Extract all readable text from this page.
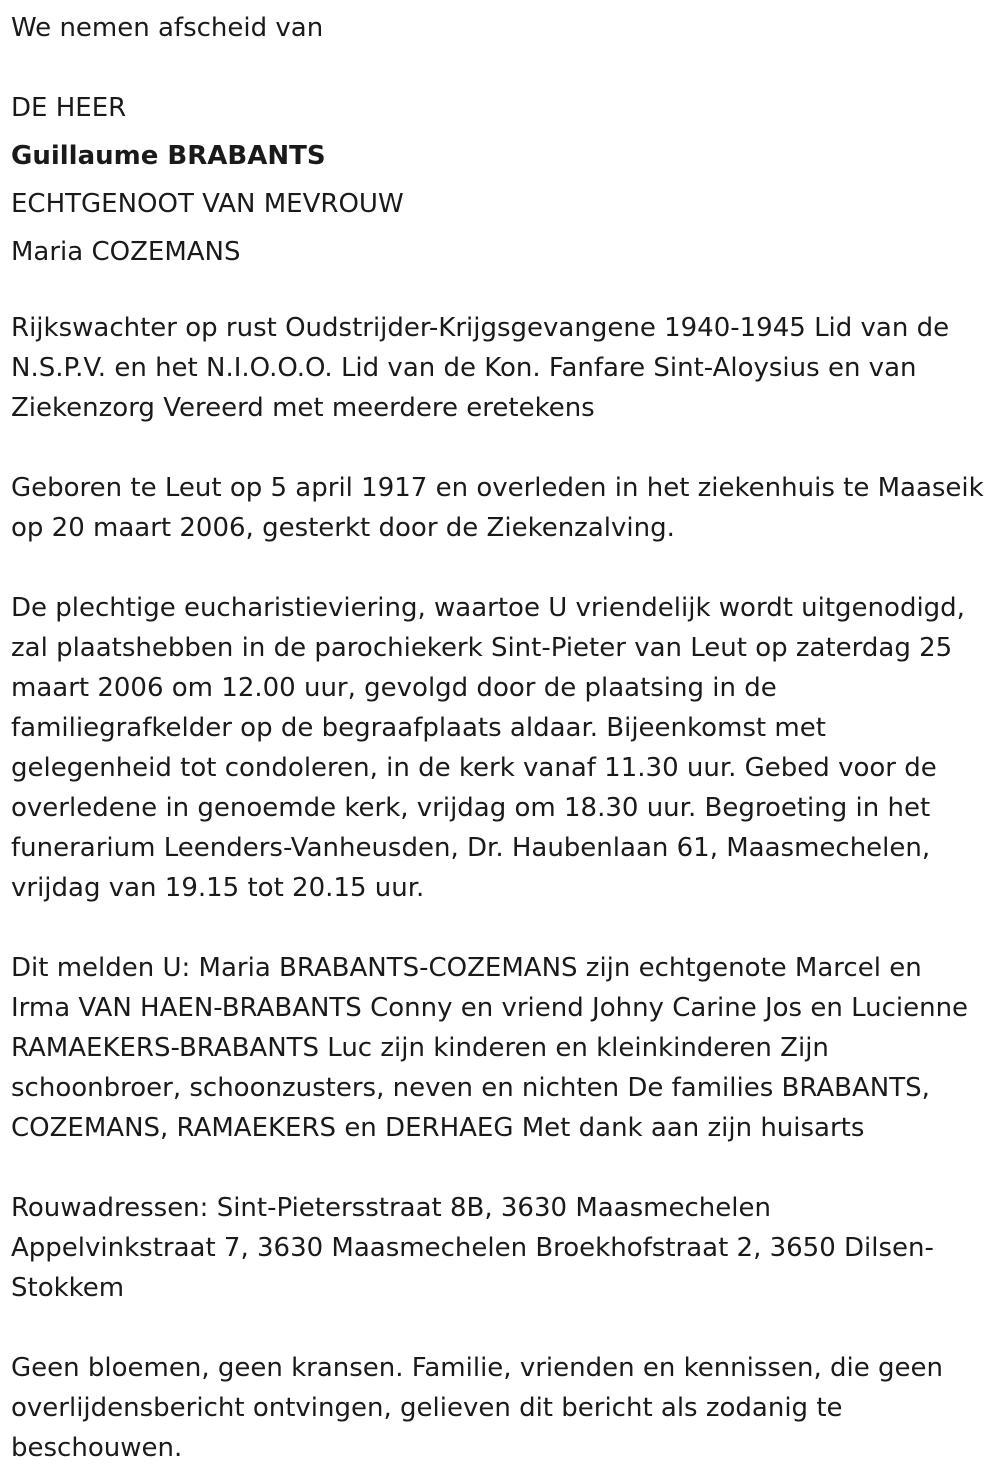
We nemen afscheid van

DE HEER

Guillaume BRABANTS

ECHTGENOOT VAN MEVROUW

Maria COZEMANS

Rijkswachter op rust Oudstrijder-Krijgsgevangene 1940-1945 Lid van de
N.S.P.V. en het N.I.O.O.O. Lid van de Kon. Fanfare Sint-Aloysius en van
Ziekenzorg Vereerd met meerdere eretekens
Geboren te Leut op 5 april 1917 en overleden in het ziekenhuis te Maaseik
op 20 maart 2006, gesterkt door de Ziekenzalving.
De plechtige eucharistieviering, waartoe U vriendelijk wordt uitgenodigd,
zal plaatshebben in de parochiekerk Sint-Pieter van Leut op zaterdag 25
maart 2006 om 12.00 uur, gevolgd door de plaatsing in de
familiegrafkelder op de begraafplaats aldaar. Bijeenkomst met
gelegenheid tot condoleren, in de kerk vanaf 11.30 uur. Gebed voor de
overledene in genoemde kerk, vrijdag om 18.30 uur. Begroeting in het
funerarium Leenders-Vanheusden, Dr. Haubenlaan 61, Maasmechelen,
vrijdag van 19.15 tot 20.15 uur.
Dit melden U: Maria BRABANTS-COZEMANS zijn echtgenote Marcel en
Irma VAN HAEN-BRABANTS Conny en vriend Johny Carine Jos en Lucienne
RAMAEKERS-BRABANTS Luc zijn kinderen en kleinkinderen Zijn
schoonbroer, schoonzusters, neven en nichten De families BRABANTS,
COZEMANS, RAMAEKERS en DERHAEG Met dank aan zijn huisarts
Rouwadressen: Sint-Pietersstraat 8B, 3630 Maasmechelen
Appelvinkstraat 7, 3630 Maasmechelen Broekhofstraat 2, 3650 Dilsen-
Stokkem
Geen bloemen, geen kransen. Familie, vrienden en kennissen, die geen
overlijdensbericht ontvingen, gelieven dit bericht als zodanig te
beschouwen.
